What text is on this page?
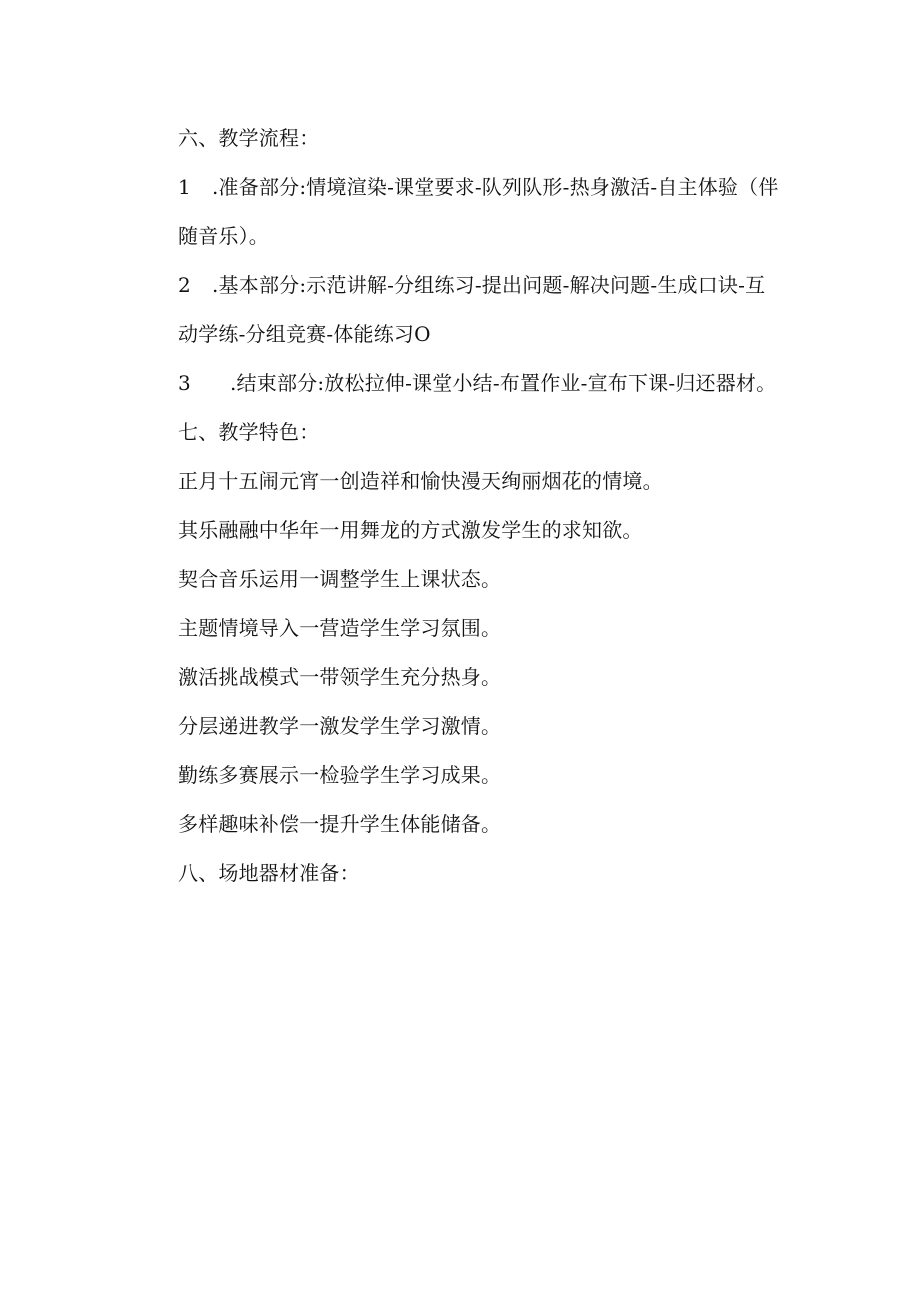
六、教学流程：
1 .准备部分:情境渲染-课堂要求-队列队形-热身激活-自主体验（伴
随音乐）。
2 .基本部分:示范讲解-分组练习-提出问题-解决问题-生成口诀-互
动学练-分组竞赛-体能练习O
3 .结束部分:放松拉伸-课堂小结-布置作业-宣布下课-归还器材。
七、教学特色：
正月十五闹元宵一创造祥和愉快漫天绚丽烟花的情境。
其乐融融中华年一用舞龙的方式激发学生的求知欲。
契合音乐运用一调整学生上课状态。
主题情境导入一营造学生学习氛围。
激活挑战模式一带领学生充分热身。
分层递进教学一激发学生学习激情。
勤练多赛展示一检验学生学习成果。
多样趣味补偿一提升学生体能储备。
八、场地器材准备：
